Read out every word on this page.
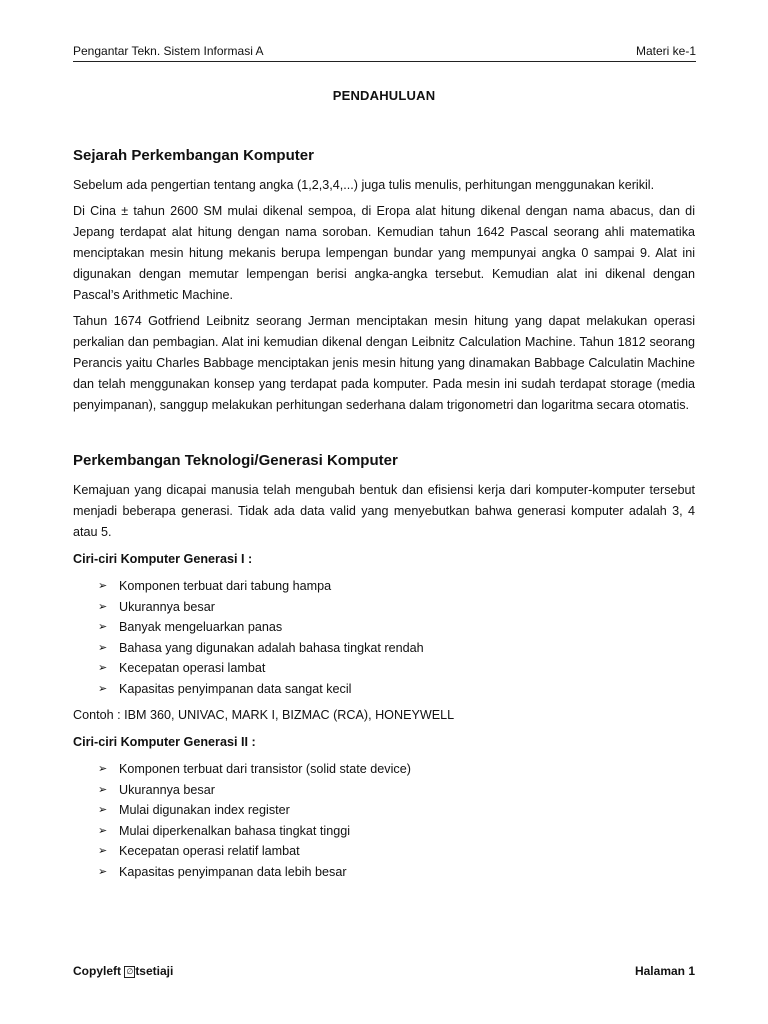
Pengantar Tekn. Sistem Informasi A	Materi ke-1
PENDAHULUAN
Sejarah Perkembangan Komputer

Sebelum ada pengertian tentang angka (1,2,3,4,...) juga tulis menulis, perhitungan menggunakan kerikil.

Di Cina ± tahun 2600 SM mulai dikenal sempoa, di Eropa alat hitung dikenal dengan nama abacus, dan di Jepang terdapat alat hitung dengan nama soroban. Kemudian tahun 1642 Pascal seorang ahli matematika menciptakan mesin hitung mekanis berupa lempengan bundar yang mempunyai angka 0 sampai 9. Alat ini digunakan dengan memutar lempengan berisi angka-angka tersebut. Kemudian alat ini dikenal dengan Pascal’s Arithmetic Machine.

Tahun 1674 Gotfriend Leibnitz seorang Jerman menciptakan mesin hitung yang dapat melakukan operasi perkalian dan pembagian. Alat ini kemudian dikenal dengan Leibnitz Calculation Machine. Tahun 1812 seorang Perancis yaitu Charles Babbage menciptakan jenis mesin hitung yang dinamakan Babbage Calculatin Machine dan telah menggunakan konsep yang terdapat pada komputer. Pada mesin ini sudah terdapat storage (media penyimpanan), sanggup melakukan perhitungan sederhana dalam trigonometri dan logaritma secara otomatis.

Perkembangan Teknologi/Generasi Komputer

Kemajuan yang dicapai manusia telah mengubah bentuk dan efisiensi kerja dari komputer-komputer tersebut menjadi beberapa generasi. Tidak ada data valid yang menyebutkan bahwa generasi komputer adalah 3, 4 atau 5.

Ciri-ciri Komputer Generasi I :
➢ Komponen terbuat dari tabung hampa
➢ Ukurannya besar
➢ Banyak mengeluarkan panas
➢ Bahasa yang digunakan adalah bahasa tingkat rendah
➢ Kecepatan operasi lambat
➢ Kapasitas penyimpanan data sangat kecil

Contoh : IBM 360, UNIVAC, MARK I, BIZMAC (RCA), HONEYWELL

Ciri-ciri Komputer Generasi II :
➢ Komponen terbuat dari transistor (solid state device)
➢ Ukurannya besar
➢ Mulai digunakan index register
➢ Mulai diperkenalkan bahasa tingkat tinggi
➢ Kecepatan operasi relatif lambat
➢ Kapasitas penyimpanan data lebih besar
Copyleft ∅ tsetiaji	Halaman 1
